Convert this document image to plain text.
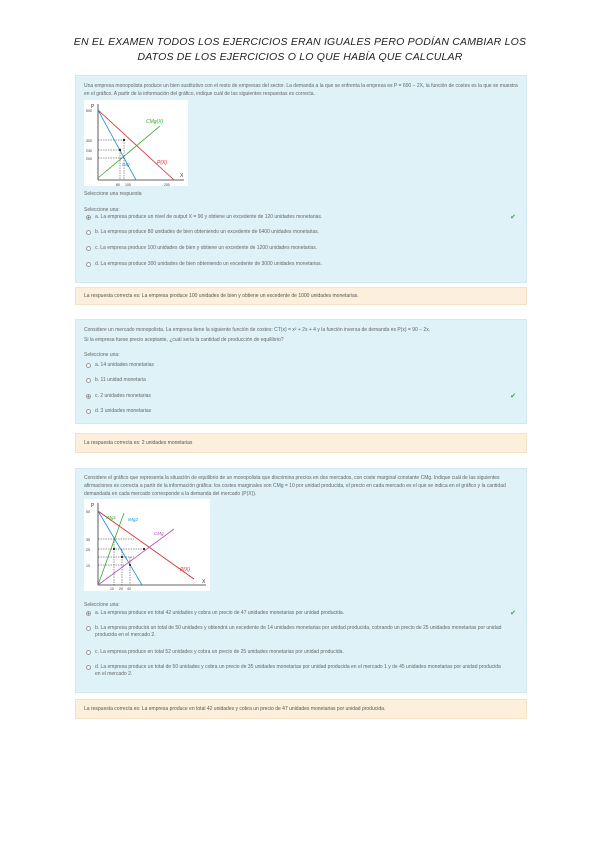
EN EL EXAMEN TODOS LOS EJERCICIOS ERAN IGUALES PERO PODÍAN CAMBIAR LOS DATOS DE LOS EJERCICIOS O LO QUE HABÍA QUE CALCULAR
Una empresa monopolista produce un bien sustitutivo con el resto de empresas del sector. La demanda a la que se enfrenta la empresa es P = 600 − 2X, la función de costes es la que se muestra en el gráfico. A partir de la información del gráfico, indique cuál de las siguientes respuestas es correcta.
P
X
CMg(X)
IMg	P(X)
500
300
230
200
80 100	200
Seleccione una respuesta
Seleccione una:
a. La empresa produce un nivel de output X = 90 y obtiene un excedente de 120 unidades monetarias.	✔
b. La empresa produce 80 unidades de bien obteniendo un excedente de 6400 unidades monetarias.
c. La empresa produce 100 unidades de bien y obtiene un excedente de 1200 unidades monetarias.
d. La empresa produce 300 unidades de bien obteniendo un excedente de 3000 unidades monetarias.
La respuesta correcta es: La empresa produce 100 unidades de bien y obtiene un excedente de 1000 unidades monetarias.
Considere un mercado monopolista. La empresa tiene la siguiente función de costes: CT(x) = x² + 2x + 4 y la función inversa de demanda es P(x) = 90 − 2x.
Si la empresa fuese precio aceptante, ¿cuál sería la cantidad de producción de equilibrio?
Seleccione una:
a. 14 unidades monetarias
b. 11 unidad monetaria
c. 2 unidades monetarias	✔
d. 3 unidades monetarias
La respuesta correcta es: 2 unidades monetarias
Considere el gráfico que representa la situación de equilibrio de un monopolista que discrimina precios en dos mercados, con coste marginal constante CMg. Indique cuál de las siguientes afirmaciones es correcta a partir de la información gráfica: los costes marginales son CMg = 10 por unidad producida, el precio en cada mercado es el que se indica en el gráfico y la cantidad demandada en cada mercado corresponde a la demanda del mercado (P(X)).
P
X
IMg1	IMg2
CMg
P(X)
50
35
25
10
10 20 40
Seleccione una:
a. La empresa produce en total 42 unidades y cobra un precio de 47 unidades monetarias por unidad producida.	✔
b. La empresa producirá un total de 50 unidades y obtendrá un excedente de 14 unidades monetarias por unidad producida, cobrando un precio de 25 unidades monetarias por unidad producida en el mercado 2.
c. La empresa produce en total 52 unidades y cobra un precio de 25 unidades monetarias por unidad producida.
d. La empresa produce un total de 50 unidades y cobra un precio de 35 unidades monetarias por unidad producida en el mercado 1 y de 45 unidades monetarias por unidad producida en el mercado 2.
La respuesta correcta es: La empresa produce en total 42 unidades y cobra un precio de 47 unidades monetarias por unidad producida.
